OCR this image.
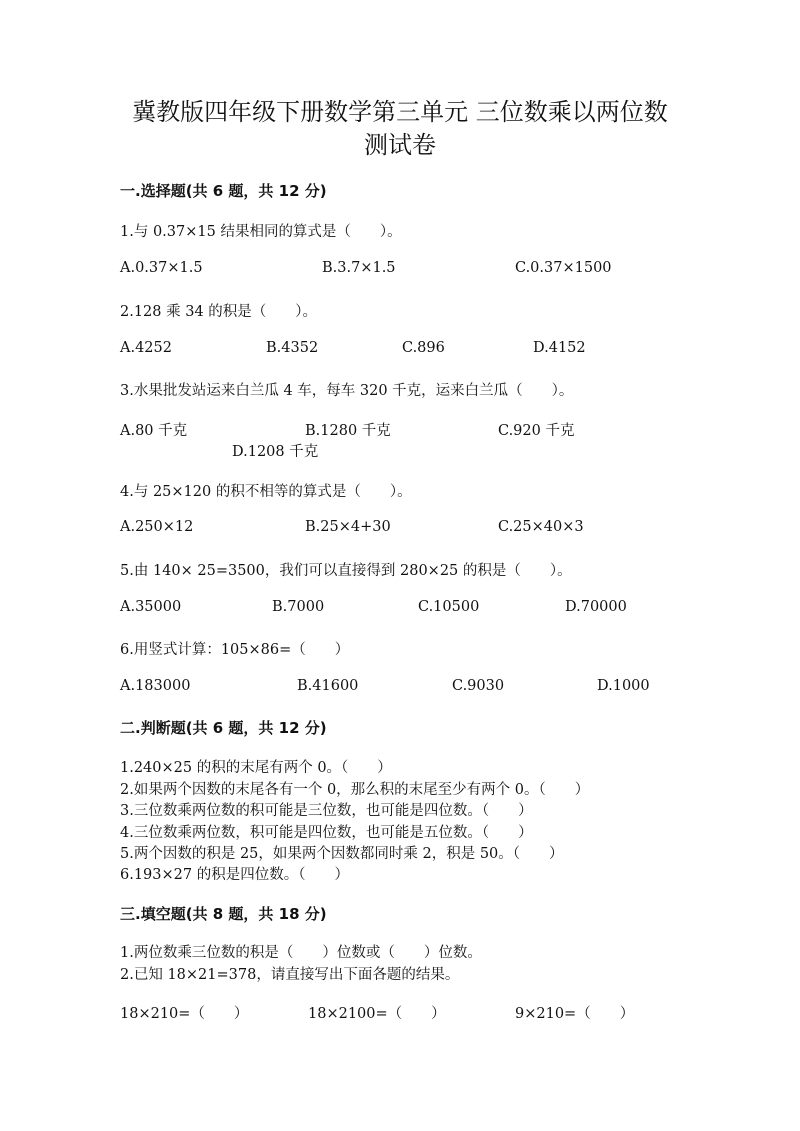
冀教版四年级下册数学第三单元 三位数乘以两位数
测试卷
一.选择题(共 6 题，共 12 分)
1.与 0.37×15 结果相同的算式是（　　）。
A.0.37×1.5	B.3.7×1.5	C.0.37×1500
2.128 乘 34 的积是（　　）。
A.4252	B.4352	C.896	D.4152
3.水果批发站运来白兰瓜 4 车，每车 320 千克，运来白兰瓜（　　）。
A.80 千克	B.1280 千克	C.920 千克
D.1208 千克
4.与 25×120 的积不相等的算式是（　　）。
A.250×12	B.25×4+30	C.25×40×3
5.由 140× 25=3500，我们可以直接得到 280×25 的积是（　　）。
A.35000	B.7000	C.10500	D.70000
6.用竖式计算：105×86=（　　）
A.183000	B.41600	C.9030	D.1000
二.判断题(共 6 题，共 12 分)
1.240×25 的积的末尾有两个 0。（　　）
2.如果两个因数的末尾各有一个 0，那么积的末尾至少有两个 0。（　　）
3.三位数乘两位数的积可能是三位数，也可能是四位数。（　　）
4.三位数乘两位数，积可能是四位数，也可能是五位数。（　　）
5.两个因数的积是 25，如果两个因数都同时乘 2，积是 50。（　　）
6.193×27 的积是四位数。（　　）
三.填空题(共 8 题，共 18 分)
1.两位数乘三位数的积是（　　）位数或（　　）位数。
2.已知 18×21=378，请直接写出下面各题的结果。
18×210=（　　）	18×2100=（　　）	9×210=（　　）
